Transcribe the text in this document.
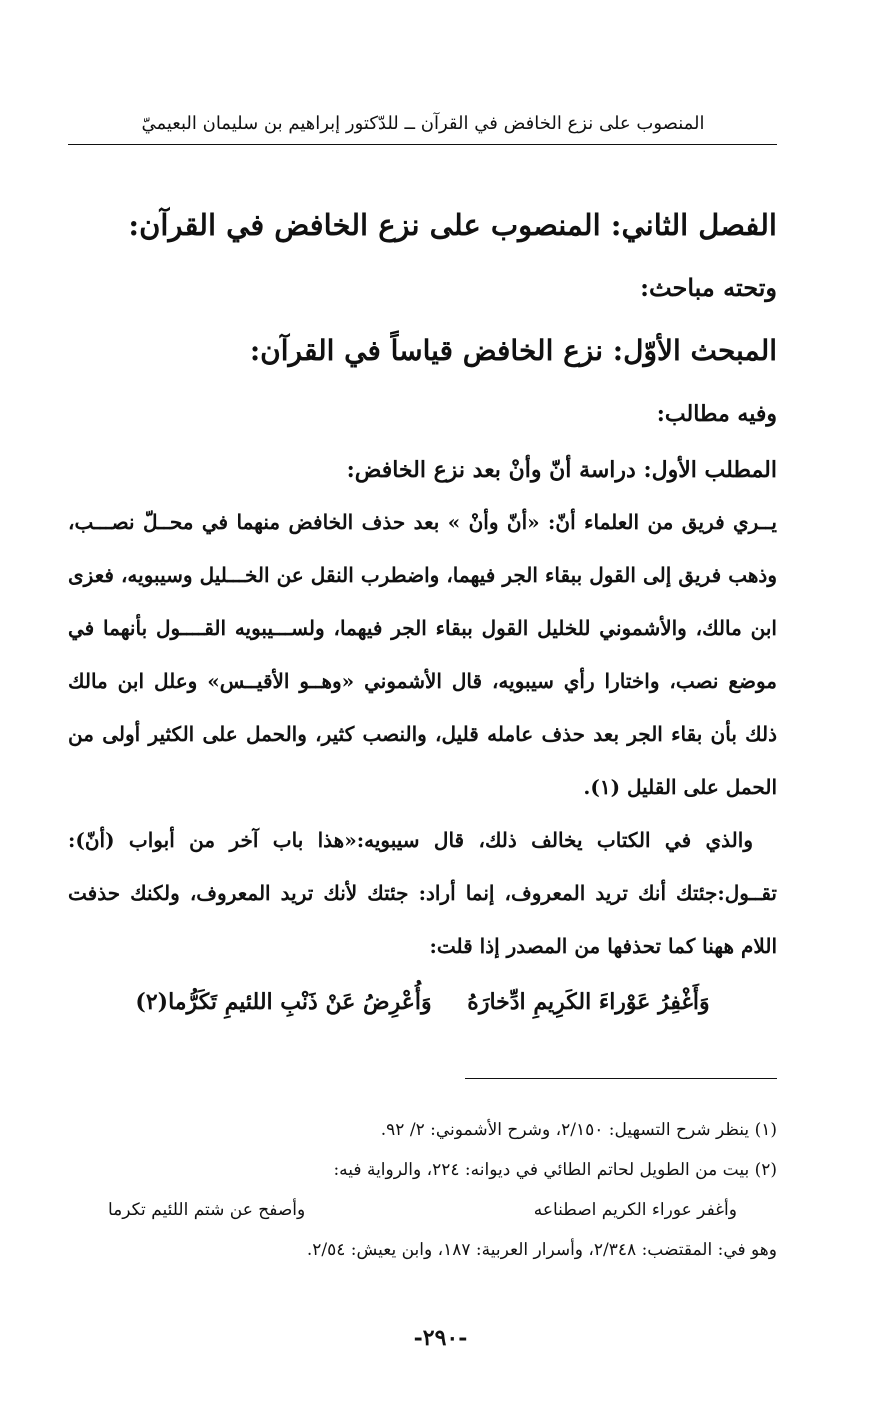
المنصوب على نزع الخافض في القرآن ــ للدّكتور إبراهيم بن سليمان البعيميّ

الفصل الثاني: المنصوب على نزع الخافض في القرآن:

وتحته مباحث:

المبحث الأوّل: نزع الخافض قياساً في القرآن:

وفيه مطالب:

المطلب الأول: دراسة أنّ وأنْ بعد نزع الخافض:

يــري فريق من العلماء أنّ: «أنّ وأنْ » بعد حذف الخافض منهما في محــلّ نصـــب، وذهب فريق إلى القول ببقاء الجر فيهما، واضطرب النقل عن الخـــليل وسيبويه، فعزى ابن مالك، والأشموني للخليل القول ببقاء الجر فيهما، ولســـيبويه القــــول بأنهما في موضع نصب، واختارا رأي سيبويه، قال الأشموني «وهــو الأقيــس» وعلل ابن مالك ذلك بأن بقاء الجر بعد حذف عامله قليل، والنصب كثير، والحمل على الكثير أولى من الحمل على القليل (١).

والذي في الكتاب يخالف ذلك، قال سيبويه:«هذا باب آخر من أبواب (أنّ): تقــول:جئتك أنك تريد المعروف، إنما أراد: جئتك لأنك تريد المعروف، ولكنك حذفت اللام ههنا كما تحذفها من المصدر إذا قلت:

وَأَغْفِرُ عَوْراءَ الكَرِيمِ ادِّخارَهُ وَأُعْرِضُ عَنْ ذَنْبِ اللئيمِ تَكَرُّما(٢)

(١) ينظر شرح التسهيل: ٢/١٥٠، وشرح الأشموني: ٢/ ٩٢.

(٢) بيت من الطويل لحاتم الطائي في ديوانه: ٢٢٤، والرواية فيه:

وأغفر عوراء الكريم اصطناعه
وأصفح عن شتم اللئيم تكرما

وهو في: المقتضب: ٢/٣٤٨، وأسرار العربية: ١٨٧، وابن يعيش: ٢/٥٤.

-٢٩٠-
